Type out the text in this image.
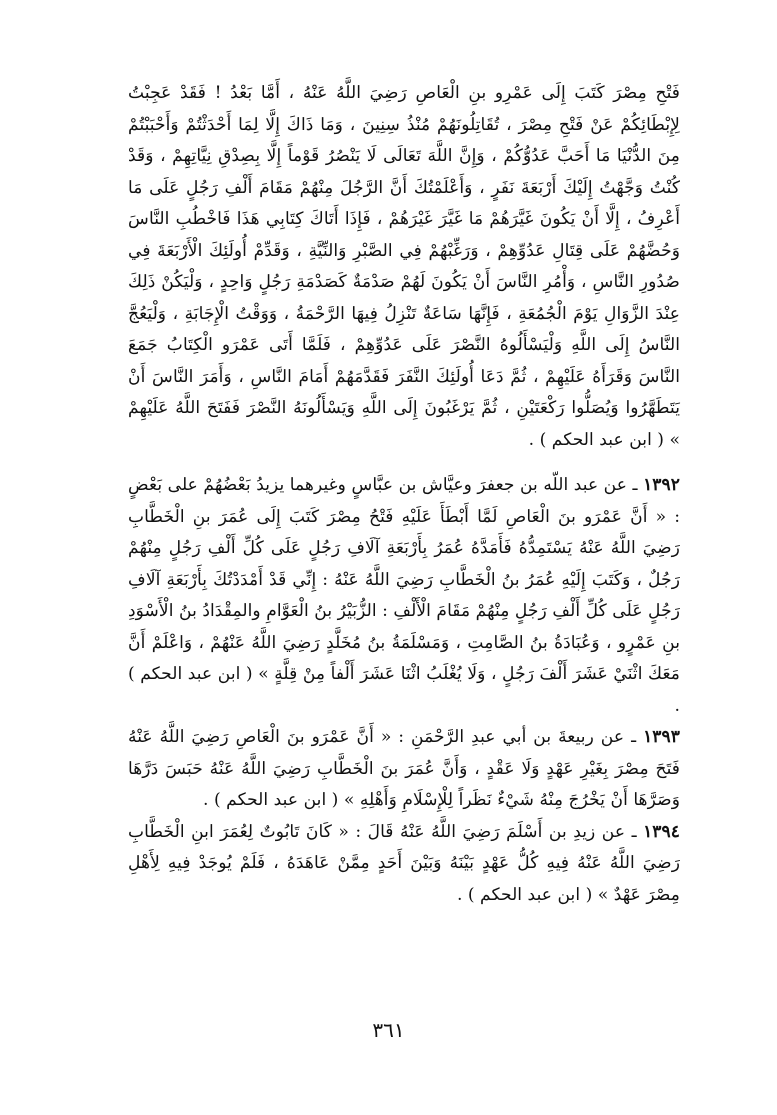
فَتْحِ مِصْرَ كَتَبَ إِلَى عَمْرِو بنِ الْعَاصِ رَضِيَ اللَّهُ عَنْهُ ، أَمَّا بَعْدُ ! فَقَدْ عَجِبْتُ لِإِبْطَائِكُمْ عَنْ فَتْحِ مِصْرَ ، تُقَاتِلُونَهُمْ مُنْذُ سِنِينَ ، وَمَا ذَاكَ إِلَّا لِمَا أَحْدَثْتُمْ وَأَحْبَبْتُمْ مِنَ الدُّنْيَا مَا أَحَبَّ عَدُوُّكُمْ ، وَإِنَّ اللَّهَ تَعَالَى لَا يَنْصُرُ قَوْماً إِلَّا بِصِدْقِ نِيَّاتِهِمْ ، وَقَدْ كُنْتُ وَجَّهْتُ إِلَيْكَ أَرْبَعَةَ نَفَرٍ ، وَأَعْلَمْتُكَ أَنَّ الرَّجُلَ مِنْهُمْ مَقَامَ أَلْفِ رَجُلٍ عَلَى مَا أَعْرِفُ ، إِلَّا أَنْ يَكُونَ غَيَّرَهُمْ مَا غَيَّرَ غَيْرَهُمْ ، فَإِذَا أَتَاكَ كِتَابِي هَذَا فَاخْطُبِ النَّاسَ وَحُضَّهُمْ عَلَى قِتَالِ عَدُوِّهِمْ ، وَرَغِّبْهُمْ فِي الصَّبْرِ وَالنِّيَّةِ ، وَقَدِّمْ أُولَئِكَ الْأَرْبَعَةَ فِي صُدُورِ النَّاسِ ، وَأْمُرِ النَّاسَ أَنْ يَكُونَ لَهُمْ صَدْمَةٌ كَصَدْمَةِ رَجُلٍ وَاحِدٍ ، وَلْيَكُنْ ذَلِكَ عِنْدَ الزَّوَالِ يَوْمَ الْجُمُعَةِ ، فَإِنَّهَا سَاعَةٌ تَنْزِلُ فِيهَا الرَّحْمَةُ ، وَوَقْتُ الْإِجَابَةِ ، وَلْيَعُجَّ النَّاسُ إِلَى اللَّهِ وَلْيَسْأَلُوهُ النَّصْرَ عَلَى عَدُوِّهِمْ ، فَلَمَّا أَتَى عَمْرَو الْكِتَابُ جَمَعَ النَّاسَ وَقَرَأَهُ عَلَيْهِمْ ، ثُمَّ دَعَا أُولَئِكَ النَّفَرَ فَقَدَّمَهُمْ أَمَامَ النَّاسِ ، وَأَمَرَ النَّاسَ أَنْ يَتَطَهَّرُوا وَيُصَلُّوا رَكْعَتَيْنِ ، ثُمَّ يَرْغَبُونَ إِلَى اللَّهِ وَيَسْأَلُونَهُ النَّصْرَ فَفَتَحَ اللَّهُ عَلَيْهِمْ » ( ابن عبد الحكم ) .

١٣٩٢ ـ عن عبد اللّه بن جعفرَ وعيَّاش بن عبَّاسٍ وغيرهما يزيدُ بَعْضُهُمْ على بَعْضٍ : « أَنَّ عَمْرَو بنَ الْعَاصِ لَمَّا أَبْطَأَ عَلَيْهِ فَتْحُ مِصْرَ كَتَبَ إِلَى عُمَرَ بنِ الْخَطَّابِ رَضِيَ اللَّهُ عَنْهُ يَسْتَمِدُّهُ فَأَمَدَّهُ عُمَرُ بِأَرْبَعَةِ آلَافِ رَجُلٍ عَلَى كُلِّ أَلْفِ رَجُلٍ مِنْهُمْ رَجُلٌ ، وَكَتَبَ إِلَيْهِ عُمَرُ بنُ الْخَطَّابِ رَضِيَ اللَّهُ عَنْهُ : إِنِّي قَدْ أَمْدَدْتُكَ بِأَرْبَعَةِ آلَافِ رَجُلٍ عَلَى كُلِّ أَلْفِ رَجُلٍ مِنْهُمْ مَقَامَ الْأَلْفِ : الزُّبَيْرُ بنُ الْعَوَّامِ والمِقْدَادُ بنُ الْأَسْوَدِ بنِ عَمْرٍو ، وَعُبَادَةُ بنُ الصَّامِتِ ، وَمَسْلَمَةُ بنُ مُخَلَّدٍ رَضِيَ اللَّهُ عَنْهُمْ ، وَاعْلَمْ أَنَّ مَعَكَ اثْنَيْ عَشَرَ أَلْفَ رَجُلٍ ، وَلَا يُغْلَبُ اثْنَا عَشَرَ أَلْفاً مِنْ قِلَّةٍ » ( ابن عبد الحكم ) .

١٣٩٣ ـ عن ربيعةَ بن أبي عبدِ الرَّحْمَنِ : « أَنَّ عَمْرَو بنَ الْعَاصِ رَضِيَ اللَّهُ عَنْهُ فَتَحَ مِصْرَ بِغَيْرِ عَهْدٍ وَلَا عَقْدٍ ، وَأَنَّ عُمَرَ بنَ الْخَطَّابِ رَضِيَ اللَّهُ عَنْهُ حَبَسَ دَرَّهَا وَصَرَّهَا أَنْ يَخْرُجَ مِنْهُ شَيْءٌ نَظَراً لِلْإِسْلَامِ وَأَهْلِهِ » ( ابن عبد الحكم ) .

١٣٩٤ ـ عن زيدِ بن أَسْلَمَ رَضِيَ اللَّهُ عَنْهُ قَالَ : « كَانَ تَابُوتٌ لِعُمَرَ ابنِ الْخَطَّابِ رَضِيَ اللَّهُ عَنْهُ فِيهِ كُلُّ عَهْدٍ بَيْنَهُ وَبَيْنَ أَحَدٍ مِمَّنْ عَاهَدَهُ ، فَلَمْ يُوجَدْ فِيهِ لِأَهْلِ مِصْرَ عَهْدٌ » ( ابن عبد الحكم ) .

٣٦١
